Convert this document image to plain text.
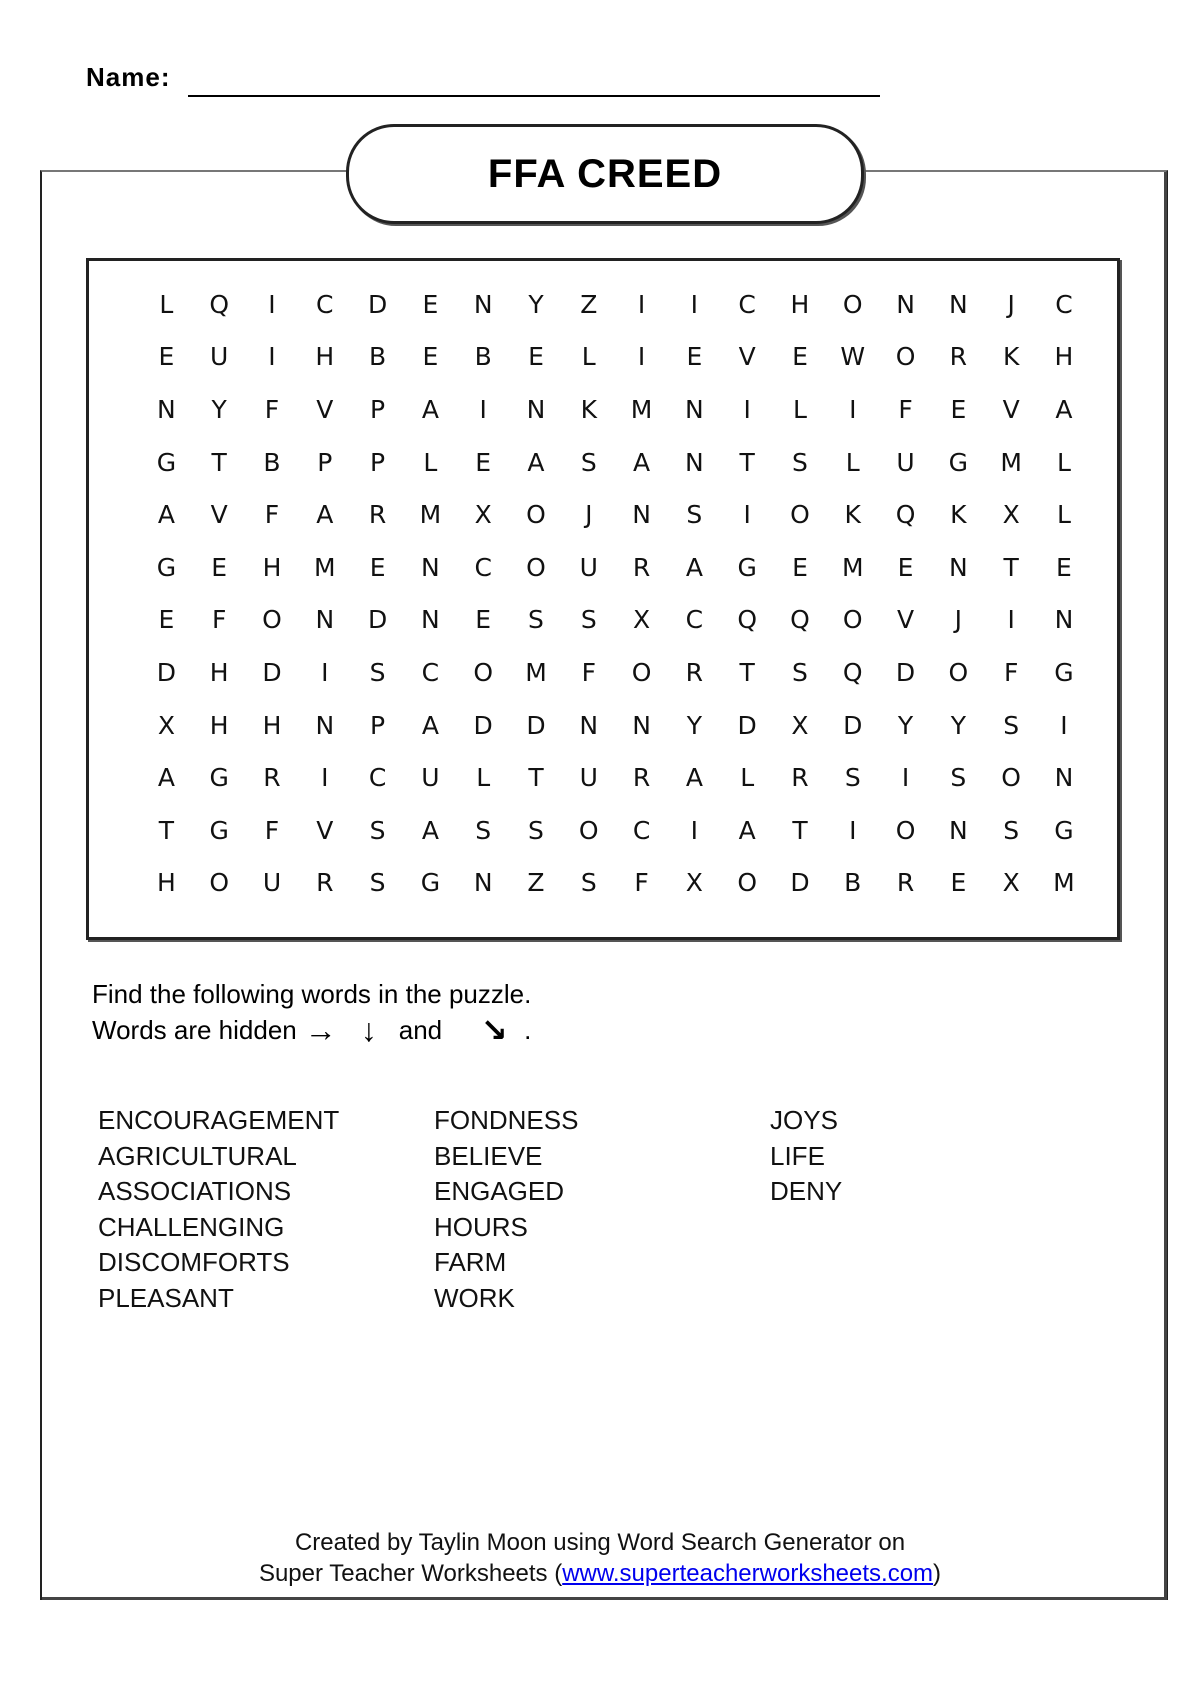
Name:
FFA CREED
L	Q	I	C	D	E	N	Y	Z	I	I	C	H	O	N	N	J	C
E	U	I	H	B	E	B	E	L	I	E	V	E	W	O	R	K	H
N	Y	F	V	P	A	I	N	K	M	N	I	L	I	F	E	V	A
G	T	B	P	P	L	E	A	S	A	N	T	S	L	U	G	M	L
A	V	F	A	R	M	X	O	J	N	S	I	O	K	Q	K	X	L
G	E	H	M	E	N	C	O	U	R	A	G	E	M	E	N	T	E
E	F	O	N	D	N	E	S	S	X	C	Q	Q	O	V	J	I	N
D	H	D	I	S	C	O	M	F	O	R	T	S	Q	D	O	F	G
X	H	H	N	P	A	D	D	N	N	Y	D	X	D	Y	Y	S	I
A	G	R	I	C	U	L	T	U	R	A	L	R	S	I	S	O	N
T	G	F	V	S	A	S	S	O	C	I	A	T	I	O	N	S	G
H	O	U	R	S	G	N	Z	S	F	X	O	D	B	R	E	X	M
Find the following words in the puzzle.
Words are hidden → ↓ and	↘ .
ENCOURAGEMENT
AGRICULTURAL
ASSOCIATIONS
CHALLENGING
DISCOMFORTS
PLEASANT
FONDNESS
BELIEVE
ENGAGED
HOURS
FARM
WORK
JOYS
LIFE
DENY
Created by Taylin Moon using Word Search Generator on
Super Teacher Worksheets (www.superteacherworksheets.com)
